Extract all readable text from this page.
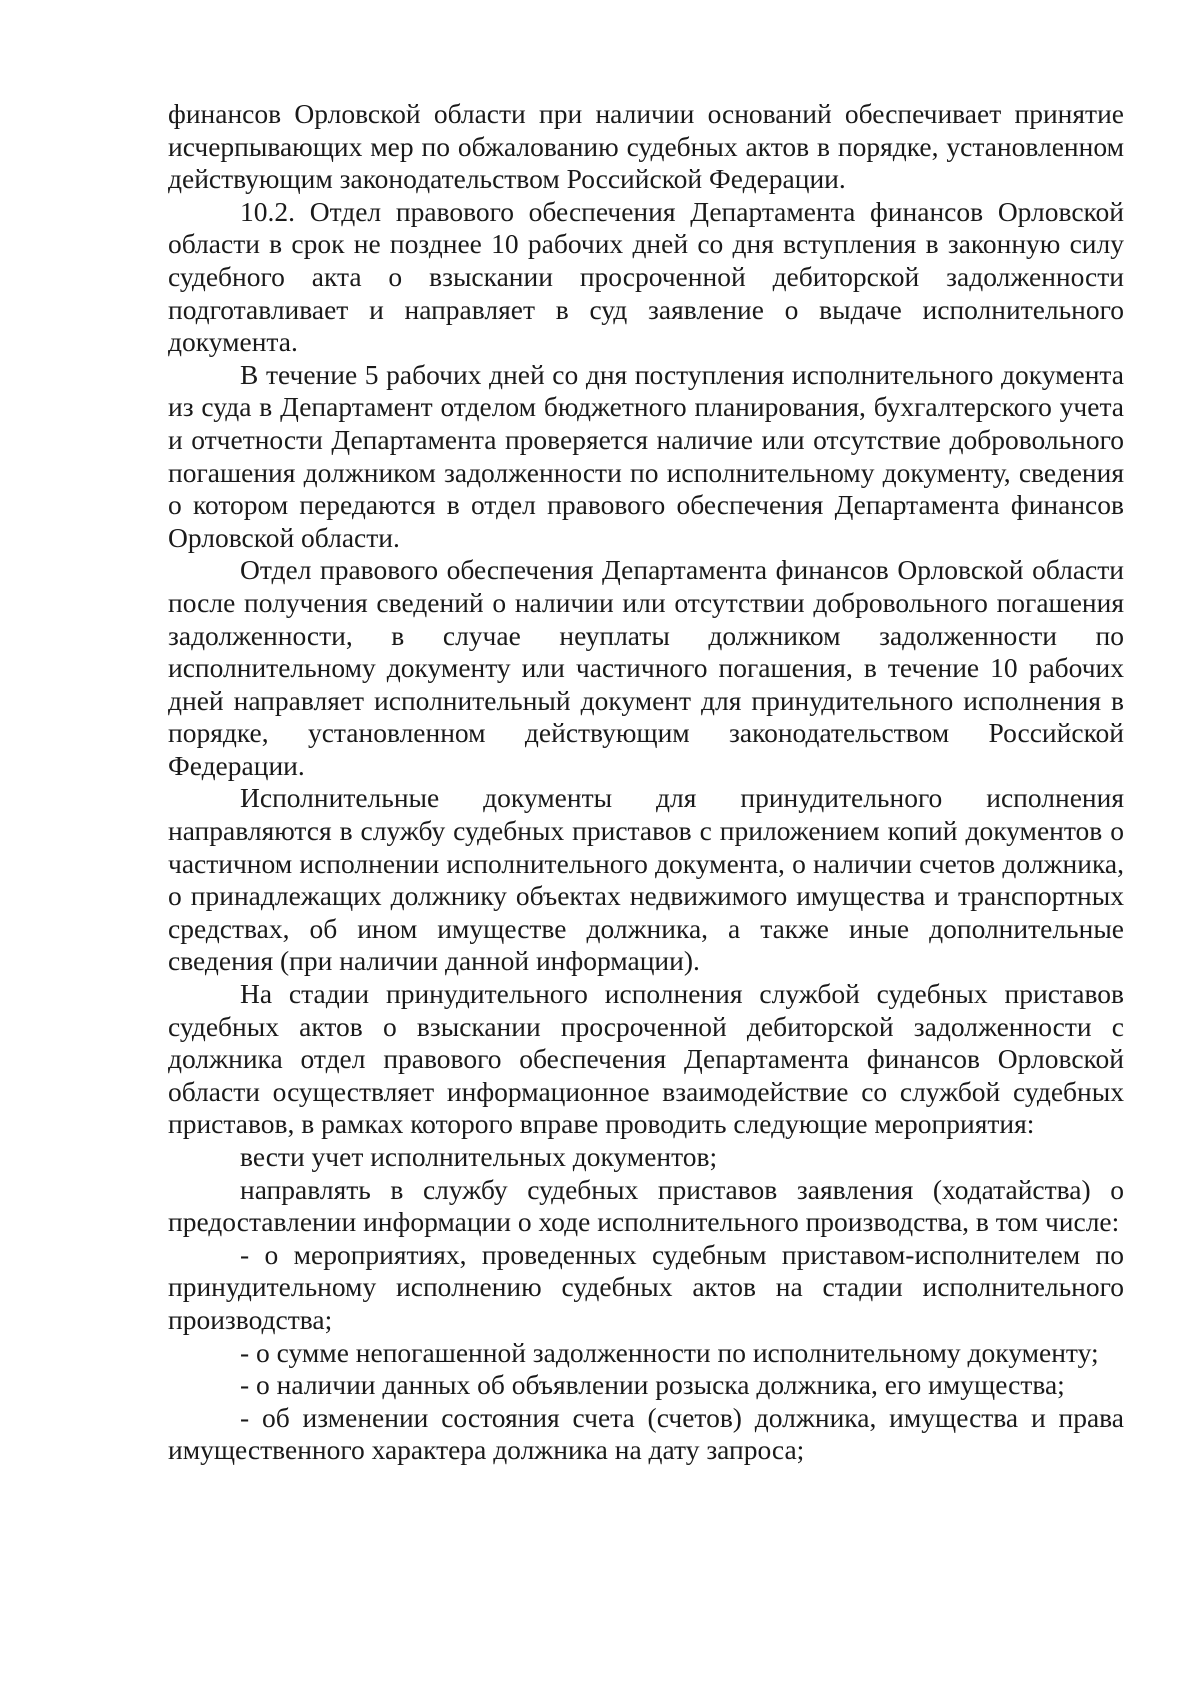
финансов Орловской области при наличии оснований обеспечивает принятие исчерпывающих мер по обжалованию судебных актов в порядке, установленном действующим законодательством Российской Федерации.

10.2. Отдел правового обеспечения Департамента финансов Орловской области в срок не позднее 10 рабочих дней со дня вступления в законную силу судебного акта о взыскании просроченной дебиторской задолженности подготавливает и направляет в суд заявление о выдаче исполнительного документа.

В течение 5 рабочих дней со дня поступления исполнительного документа из суда в Департамент отделом бюджетного планирования, бухгалтерского учета и отчетности Департамента проверяется наличие или отсутствие добровольного погашения должником задолженности по исполнительному документу, сведения о котором передаются в отдел правового обеспечения Департамента финансов Орловской области.

Отдел правового обеспечения Департамента финансов Орловской области после получения сведений о наличии или отсутствии добровольного погашения задолженности, в случае неуплаты должником задолженности по исполнительному документу или частичного погашения, в течение 10 рабочих дней направляет исполнительный документ для принудительного исполнения в порядке, установленном действующим законодательством Российской Федерации.

Исполнительные документы для принудительного исполнения направляются в службу судебных приставов с приложением копий документов о частичном исполнении исполнительного документа, о наличии счетов должника, о принадлежащих должнику объектах недвижимого имущества и транспортных средствах, об ином имуществе должника, а также иные дополнительные сведения (при наличии данной информации).

На стадии принудительного исполнения службой судебных приставов судебных актов о взыскании просроченной дебиторской задолженности с должника отдел правового обеспечения Департамента финансов Орловской области осуществляет информационное взаимодействие со службой судебных приставов, в рамках которого вправе проводить следующие мероприятия:

вести учет исполнительных документов;

направлять в службу судебных приставов заявления (ходатайства) о предоставлении информации о ходе исполнительного производства, в том числе:

- о мероприятиях, проведенных судебным приставом-исполнителем по принудительному исполнению судебных актов на стадии исполнительного производства;

- о сумме непогашенной задолженности по исполнительному документу;

- о наличии данных об объявлении розыска должника, его имущества;

- об изменении состояния счета (счетов) должника, имущества и права имущественного характера должника на дату запроса;
